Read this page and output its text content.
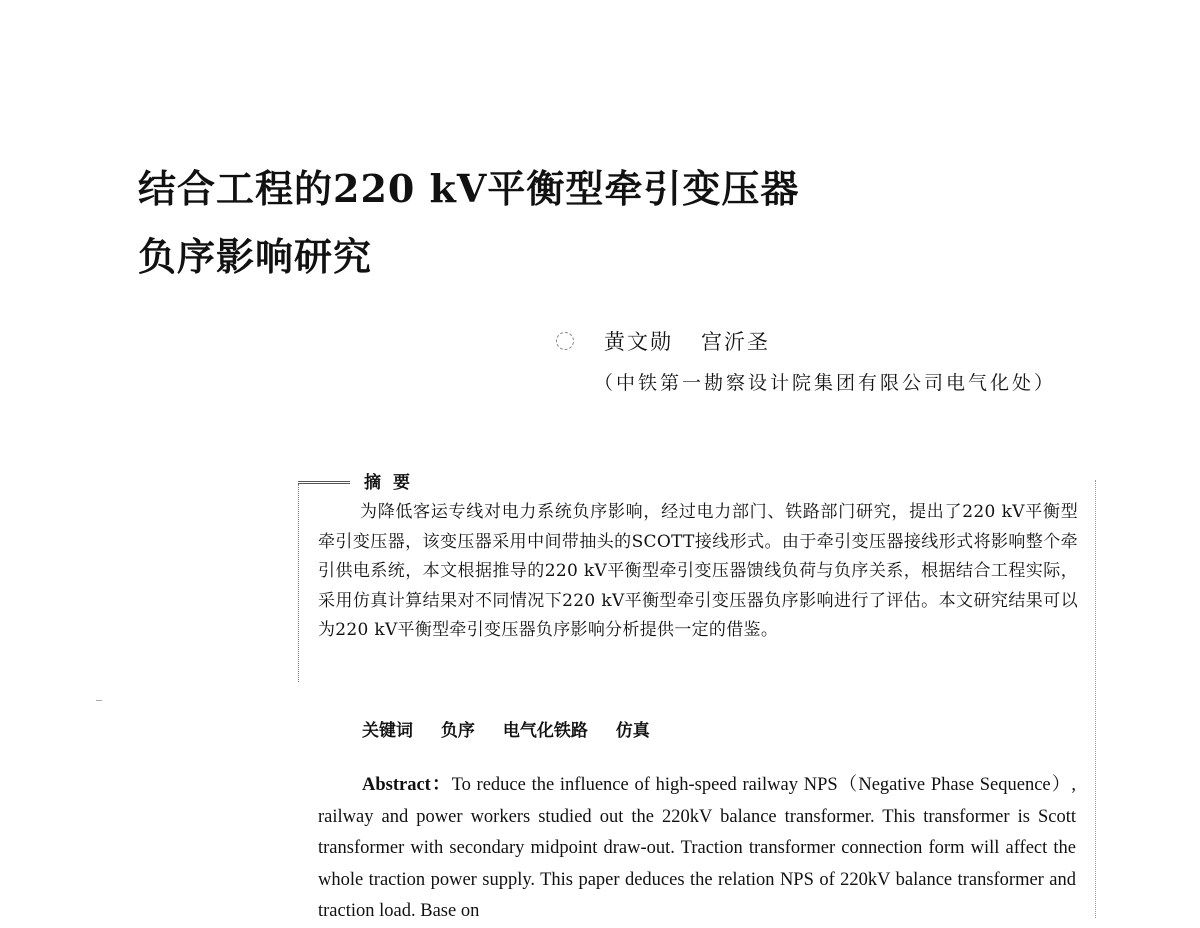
结合工程的220 kV平衡型牵引变压器
负序影响研究
黄文勋 宫沂圣
（中铁第一勘察设计院集团有限公司电气化处）
摘要

为降低客运专线对电力系统负序影响，经过电力部门、铁路部门研究，提出了220 kV平衡型牵引变压器，该变压器采用中间带抽头的SCOTT接线形式。由于牵引变压器接线形式将影响整个牵引供电系统，本文根据推导的220 kV平衡型牵引变压器馈线负荷与负序关系，根据结合工程实际，采用仿真计算结果对不同情况下220 kV平衡型牵引变压器负序影响进行了评估。本文研究结果可以为220 kV平衡型牵引变压器负序影响分析提供一定的借鉴。

关键词 负序 电气化铁路 仿真

Abstract：To reduce the influence of high-speed railway NPS（Negative Phase Sequence）, railway and power workers studied out the 220kV balance transformer. This transformer is Scott transformer with secondary midpoint draw-out. Traction transformer connection form will affect the whole traction power supply. This paper deduces the relation NPS of 220kV balance transformer and traction load. Base on
